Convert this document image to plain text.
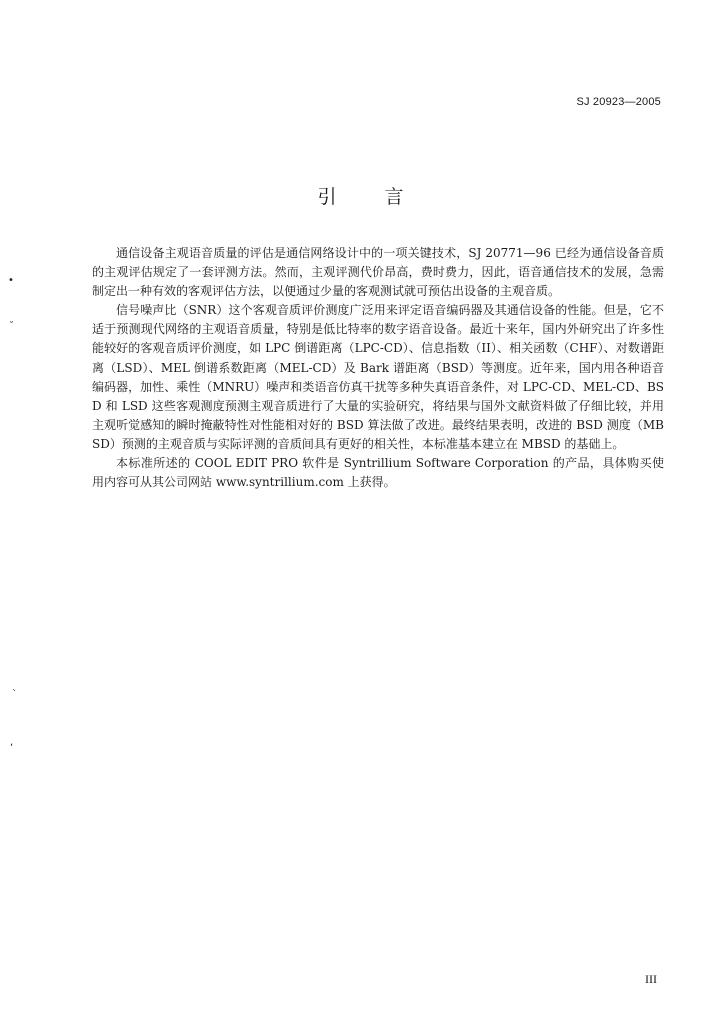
SJ 20923—2005
引言

通信设备主观语音质量的评估是通信网络设计中的一项关键技术，SJ 20771—96 已经为通信设备音质的主观评估规定了一套评测方法。然而，主观评测代价昂高，费时费力，因此，语音通信技术的发展，急需制定出一种有效的客观评估方法，以便通过少量的客观测试就可预估出设备的主观音质。

信号噪声比（SNR）这个客观音质评价测度广泛用来评定语音编码器及其通信设备的性能。但是，它不适于预测现代网络的主观语音质量，特别是低比特率的数字语音设备。最近十来年，国内外研究出了许多性能较好的客观音质评价测度，如 LPC 倒谱距离（LPC-CD）、信息指数（II）、相关函数（CHF）、对数谱距离（LSD）、MEL 倒谱系数距离（MEL-CD）及 Bark 谱距离（BSD）等测度。近年来，国内用各种语音编码器，加性、乘性（MNRU）噪声和类语音仿真干扰等多种失真语音条件，对 LPC-CD、MEL-CD、BSD 和 LSD 这些客观测度预测主观音质进行了大量的实验研究，将结果与国外文献资料做了仔细比较，并用主观听觉感知的瞬时掩蔽特性对性能相对好的 BSD 算法做了改进。最终结果表明，改进的 BSD 测度（MBSD）预测的主观音质与实际评测的音质间具有更好的相关性，本标准基本建立在 MBSD 的基础上。

本标准所述的 COOL EDIT PRO 软件是 Syntrillium Software Corporation 的产品，具体购买使用内容可从其公司网站 www.syntrillium.com 上获得。

III
•
˘
ˋ
,
